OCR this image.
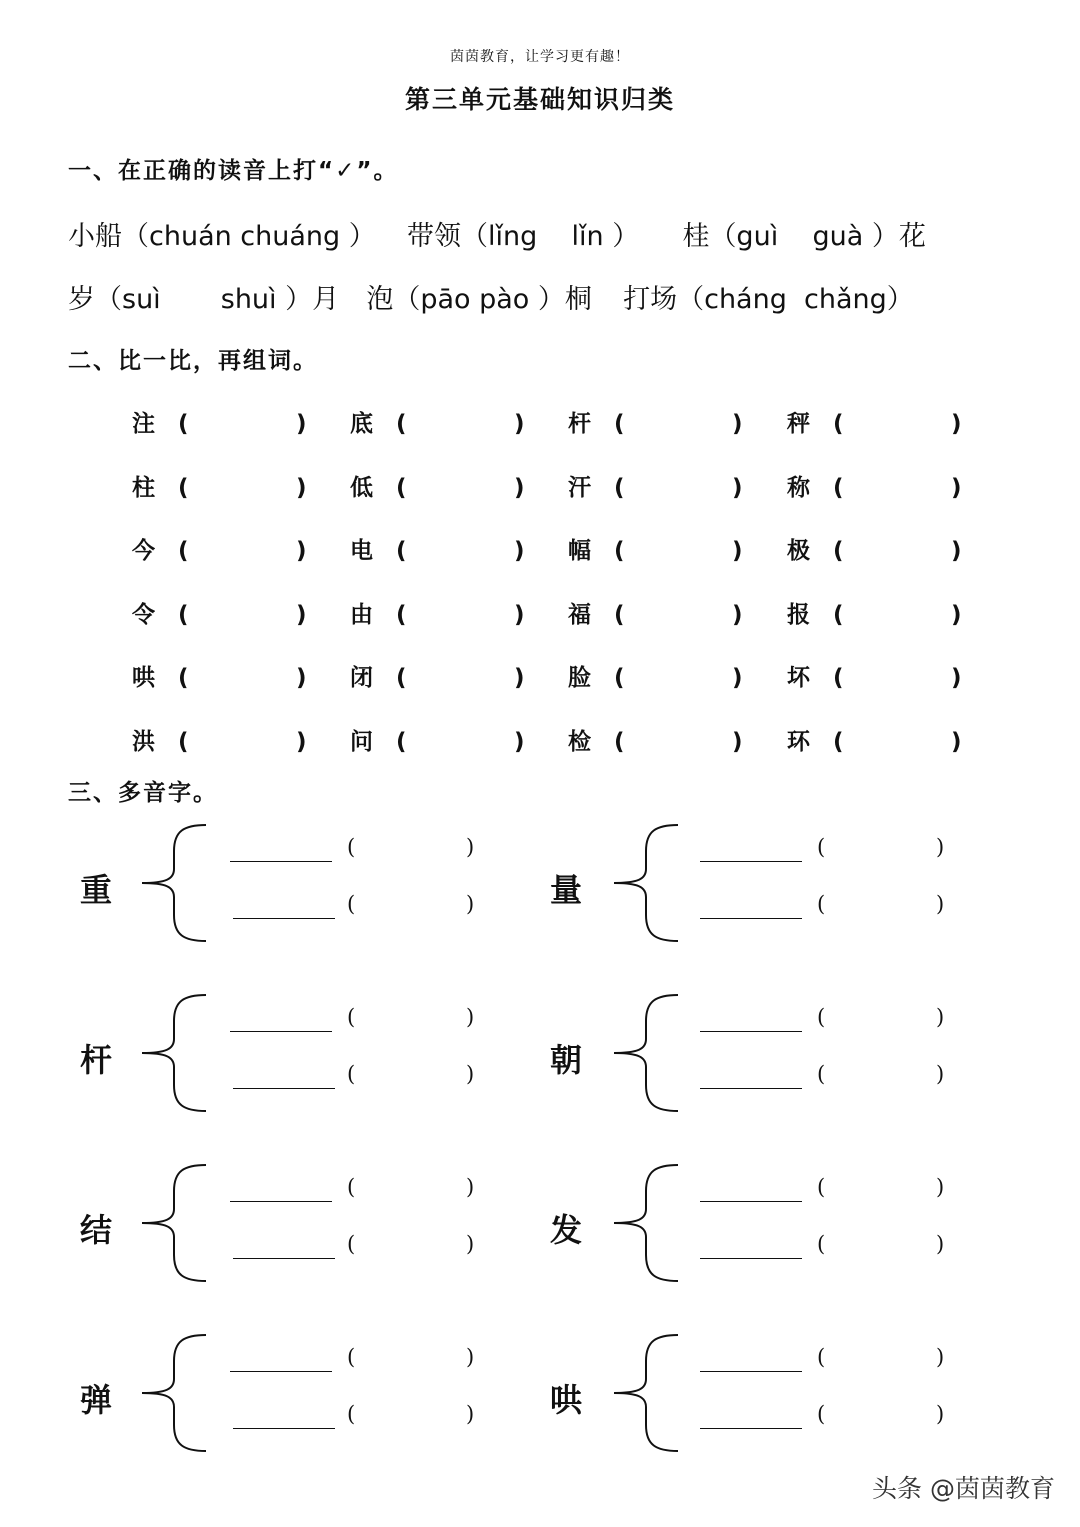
茵茵教育，让学习更有趣！
第三单元基础知识归类
一、在正确的读音上打“✓”。
小船（chuán chuáng ） 带领（lǐng    lǐn ） 桂（guì    guà ）花
岁（suì       shuì ）月 泡（pāo pào ）桐 打场（cháng  chǎng）
二、比一比，再组词。
注 (	) 底 (	) 杆 (	) 秤 (	)
柱 (	) 低 (	) 汗 (	) 称 (	)
今 (	) 电 (	) 幅 (	) 极 (	)
令 (	) 由 (	) 福 (	) 报 (	)
哄 (	) 闭 (	) 脸 (	) 坏 (	)
洪 (	) 问 (	) 检 (	) 环 (	)
三、多音字。
重
(	)
(	)
杆
(	)
(	)
结
(	)
(	)
弹
(	)
(	)
量
(	)
(	)
朝
(	)
(	)
发
(	)
(	)
哄
(	)
(	)
头条 @茵茵教育
